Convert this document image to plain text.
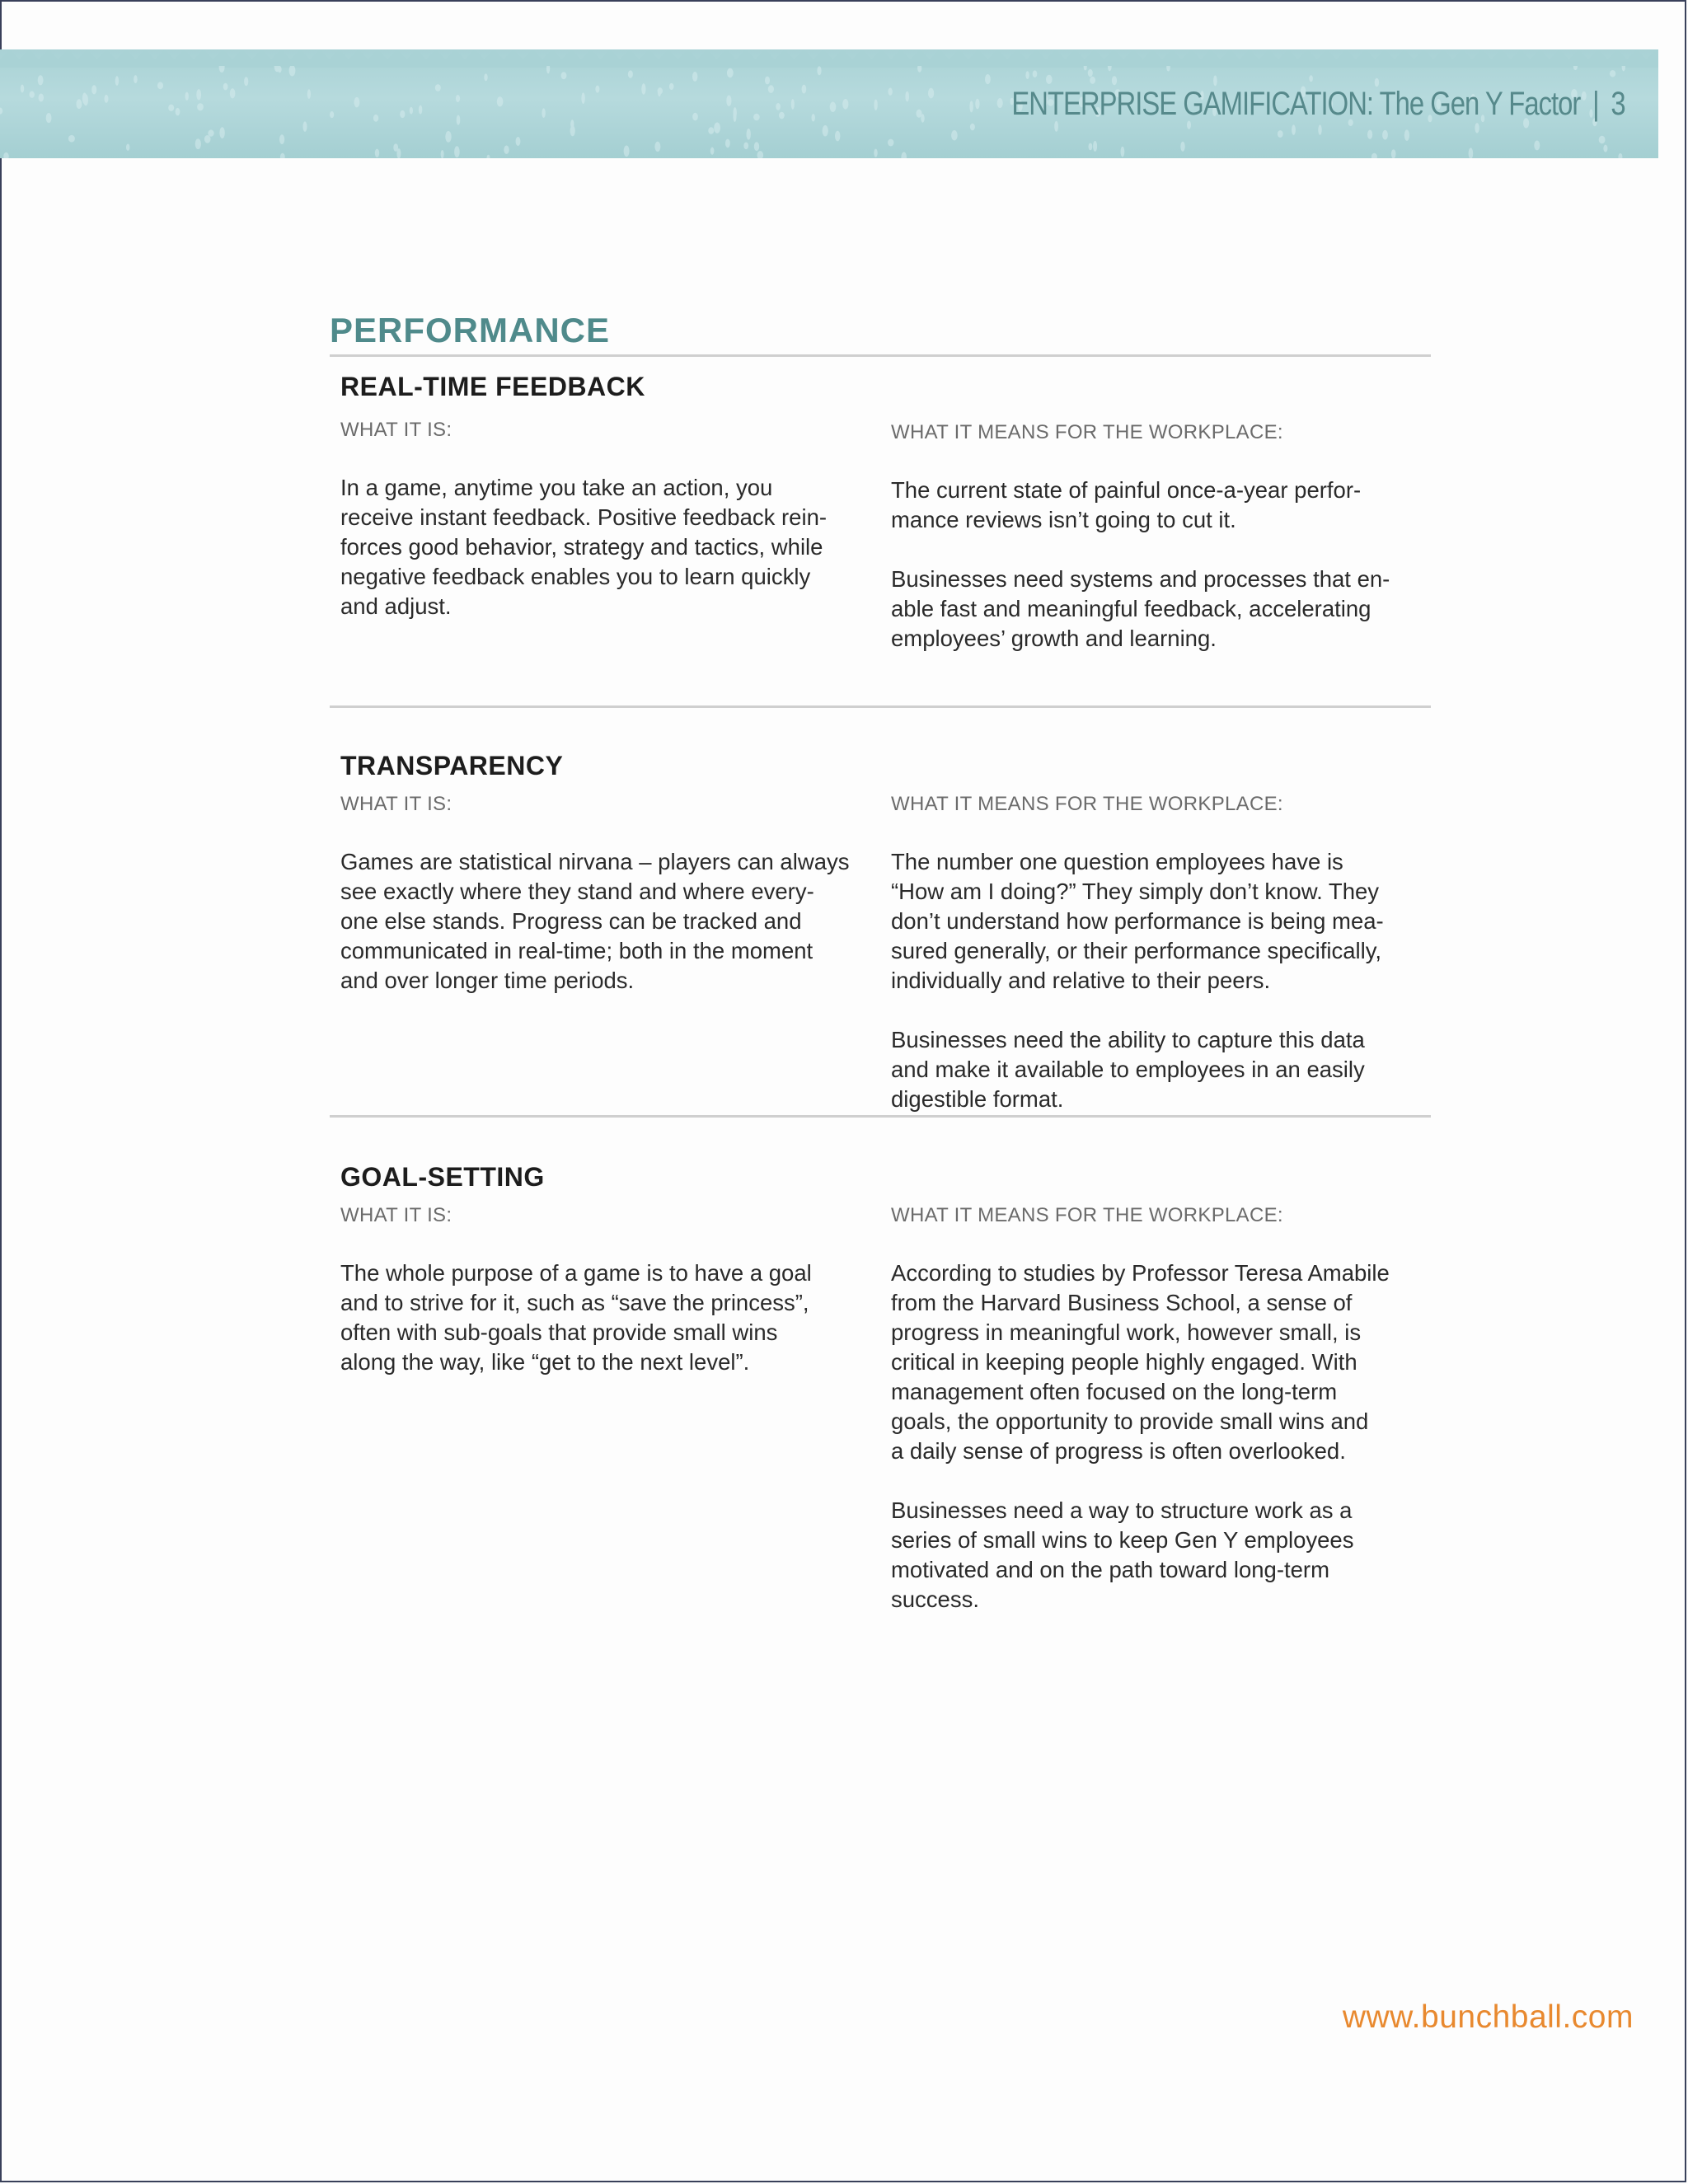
ENTERPRISE GAMIFICATION: The Gen Y Factor | 3
PERFORMANCE
REAL-TIME FEEDBACK
WHAT IT IS:

In a game, anytime you take an action, you
receive instant feedback. Positive feedback rein-
forces good behavior, strategy and tactics, while
negative feedback enables you to learn quickly
and adjust.

WHAT IT MEANS FOR THE WORKPLACE:

The current state of painful once-a-year perfor-
mance reviews isn’t going to cut it.

Businesses need systems and processes that en-
able fast and meaningful feedback, accelerating
employees’ growth and learning.

TRANSPARENCY
WHAT IT IS:

Games are statistical nirvana – players can always
see exactly where they stand and where every-
one else stands. Progress can be tracked and
communicated in real-time; both in the moment
and over longer time periods.

WHAT IT MEANS FOR THE WORKPLACE:

The number one question employees have is
“How am I doing?” They simply don’t know. They
don’t understand how performance is being mea-
sured generally, or their performance specifically,
individually and relative to their peers.

Businesses need the ability to capture this data
and make it available to employees in an easily
digestible format.

GOAL-SETTING
WHAT IT IS:

The whole purpose of a game is to have a goal
and to strive for it, such as “save the princess”,
often with sub-goals that provide small wins
along the way, like “get to the next level”.

WHAT IT MEANS FOR THE WORKPLACE:

According to studies by Professor Teresa Amabile
from the Harvard Business School, a sense of
progress in meaningful work, however small, is
critical in keeping people highly engaged. With
management often focused on the long-term
goals, the opportunity to provide small wins and
a daily sense of progress is often overlooked.

Businesses need a way to structure work as a
series of small wins to keep Gen Y employees
motivated and on the path toward long-term
success.

www.bunchball.com
